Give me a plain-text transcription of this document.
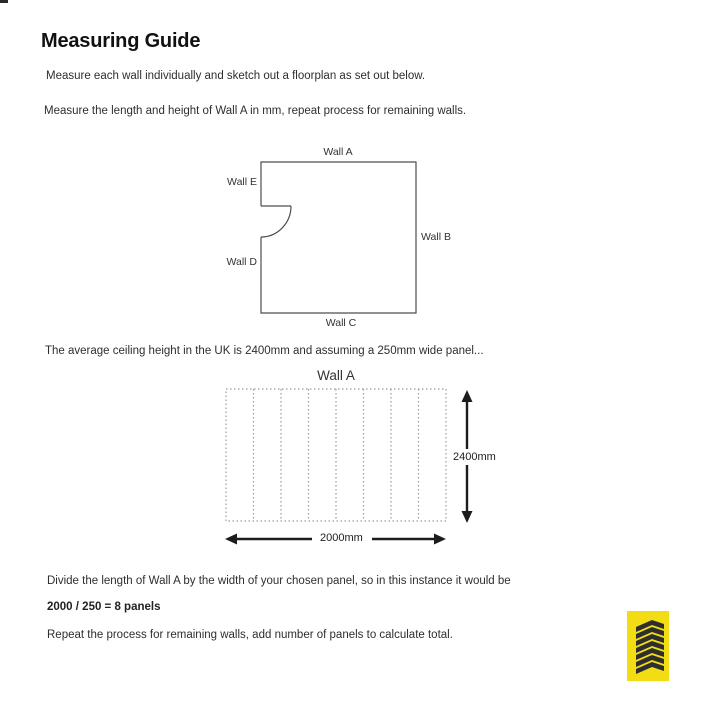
Measuring Guide
Measure each wall individually and sketch out a floorplan as set out below.
Measure the length and height of Wall A in mm, repeat process for remaining walls.
The average ceiling height in the UK is 2400mm and assuming a 250mm wide panel...
Divide the length of Wall A by the width of your chosen panel, so in this instance it would be
2000 / 250 = 8 panels
Repeat the process for remaining walls, add number of panels to calculate total.
Wall A
Wall E
Wall B
Wall D
Wall C
Wall A
2400mm
2000mm
